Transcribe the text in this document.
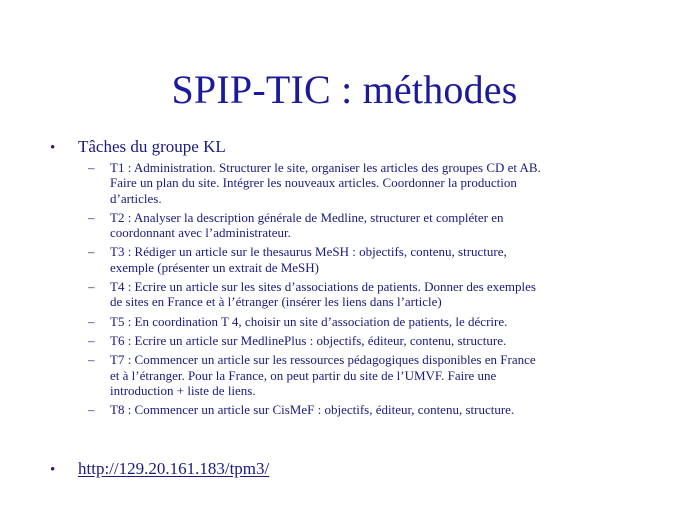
SPIP-TIC : méthodes
•	Tâches du groupe KL
–	T1 : Administration. Structurer le site, organiser les articles des groupes CD et AB.
Faire un plan du site. Intégrer les nouveaux articles. Coordonner la production
d’articles.
–	T2 : Analyser la description générale de Medline, structurer et compléter en
coordonnant avec l’administrateur.
–	T3 : Rédiger un article sur le thesaurus MeSH : objectifs, contenu, structure,
exemple (présenter un extrait de MeSH)
–	T4 : Ecrire un article sur les sites d’associations de patients. Donner des exemples
de sites en France et à l’étranger (insérer les liens dans l’article)
–	T5 : En coordination T 4, choisir un site d’association de patients, le décrire.
–	T6 : Ecrire un article sur MedlinePlus : objectifs, éditeur, contenu, structure.
–	T7 : Commencer un article sur les ressources pédagogiques disponibles en France
et à l’étranger. Pour la France, on peut partir du site de l’UMVF. Faire une
introduction + liste de liens.
–	T8 : Commencer un article sur CisMeF : objectifs, éditeur, contenu, structure.
•	http://129.20.161.183/tpm3/
